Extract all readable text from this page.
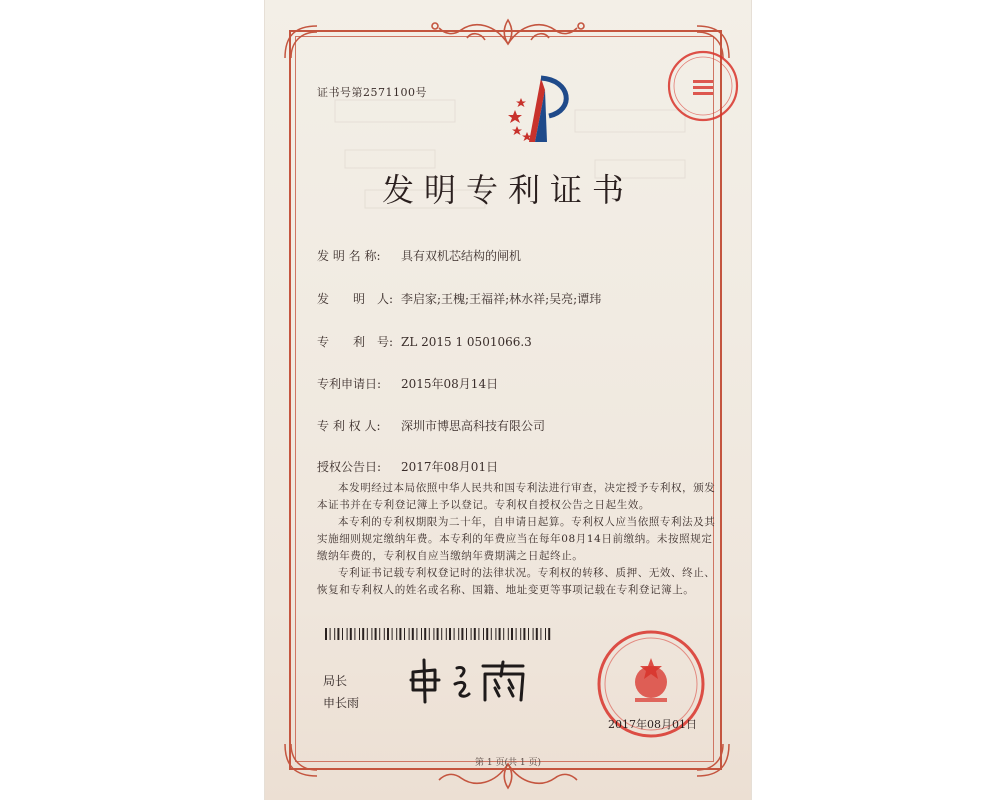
证书号第2571100号
发明专利证书
发 明 名 称: 具有双机芯结构的闸机
发　　明　人: 李启家;王槐;王福祥;林水祥;吴亮;谭玮
专　　利　号: ZL 2015 1 0501066.3
专利申请日: 2015年08月14日
专 利 权 人: 深圳市博思高科技有限公司
授权公告日: 2017年08月01日

本发明经过本局依照中华人民共和国专利法进行审查，决定授予专利权，颁发本证书并在专利登记簿上予以登记。专利权自授权公告之日起生效。

本专利的专利权期限为二十年，自申请日起算。专利权人应当依照专利法及其实施细则规定缴纳年费。本专利的年费应当在每年08月14日前缴纳。未按照规定缴纳年费的，专利权自应当缴纳年费期满之日起终止。

专利证书记载专利权登记时的法律状况。专利权的转移、质押、无效、终止、恢复和专利权人的姓名或名称、国籍、地址变更等事项记载在专利登记簿上。

局长
申长雨
2017年08月01日
第 1 页(共 1 页)
